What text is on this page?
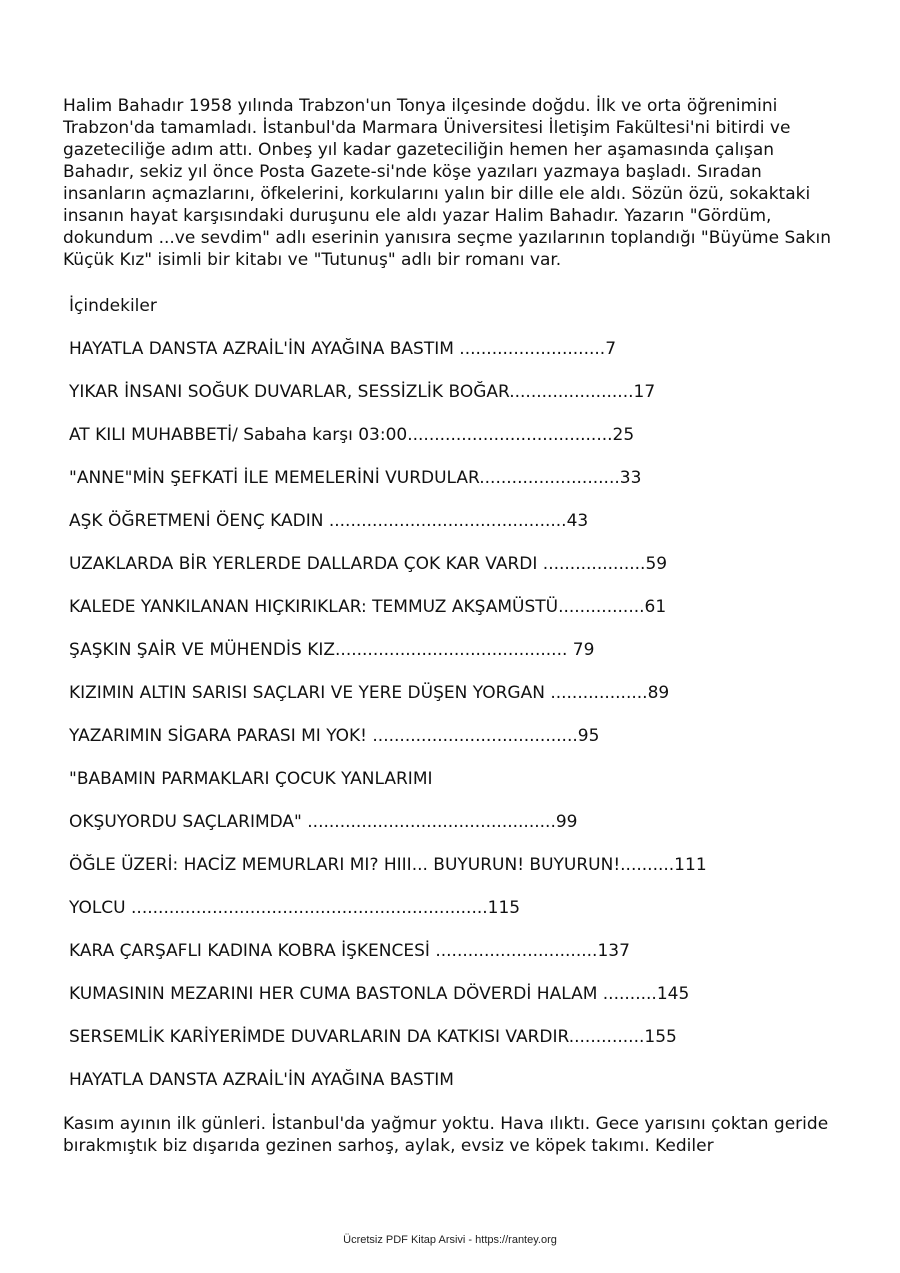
Halim Bahadır 1958 yılında Trabzon'un Tonya ilçesinde doğdu. İlk ve orta öğrenimini Trabzon'da tamamladı. İstanbul'da Marmara Üniversitesi İletişim Fakültesi'ni bitirdi ve gazeteciliğe adım attı. Onbeş yıl kadar gazeteciliğin hemen her aşamasında çalışan Bahadır, sekiz yıl önce Posta Gazete-si'nde köşe yazıları yazmaya başladı. Sıradan insanların açmazlarını, öfkelerini, korkularını yalın bir dille ele aldı. Sözün özü, sokaktaki insanın hayat karşısındaki duruşunu ele aldı yazar Halim Bahadır. Yazarın "Gördüm, dokundum ...ve sevdim" adlı eserinin yanısıra seçme yazılarının toplandığı "Büyüme Sakın Küçük Kız" isimli bir kitabı ve "Tutunuş" adlı bir romanı var.

İçindekiler
HAYATLA DANSTA AZRAİL'İN AYAĞINA BASTIM ...........................7
YIKAR İNSANI SOĞUK DUVARLAR, SESSİZLİK BOĞAR.......................17
AT KILI MUHABBETİ/ Sabaha karşı 03:00......................................25
"ANNE"MİN ŞEFKATİ İLE MEMELERİNİ VURDULAR..........................33
AŞK ÖĞRETMENİ ÖENÇ KADIN ............................................43
UZAKLARDA BİR YERLERDE DALLARDA ÇOK KAR VARDI ...................59
KALEDE YANKILANAN HIÇKIRIKLAR: TEMMUZ AKŞAMÜSTÜ................61
ŞAŞKIN ŞAİR VE MÜHENDİS KIZ........................................... 79
KIZIMIN ALTIN SARISI SAÇLARI VE YERE DÜŞEN YORGAN ..................89
YAZARIMIN SİGARA PARASI MI YOK! ......................................95
"BABAMIN PARMAKLARI ÇOCUK YANLARIMI
OKŞUYORDU SAÇLARIMDA" ..............................................99
ÖĞLE ÜZERİ: HACİZ MEMURLARI MI? HIII... BUYURUN! BUYURUN!..........111
YOLCU ..................................................................115
KARA ÇARŞAFLI KADINA KOBRA İŞKENCESİ ..............................137
KUMASININ MEZARINI HER CUMA BASTONLA DÖVERDİ HALAM ..........145
SERSEMLİK KARİYERİMDE DUVARLARIN DA KATKISI VARDIR..............155
HAYATLA DANSTA AZRAİL'İN AYAĞINA BASTIM

Kasım ayının ilk günleri. İstanbul'da yağmur yoktu. Hava ılıktı. Gece yarısını çoktan geride bırakmıştık biz dışarıda gezinen sarhoş, aylak, evsiz ve köpek takımı. Kediler

Ücretsiz PDF Kitap Arsivi - https://rantey.org
